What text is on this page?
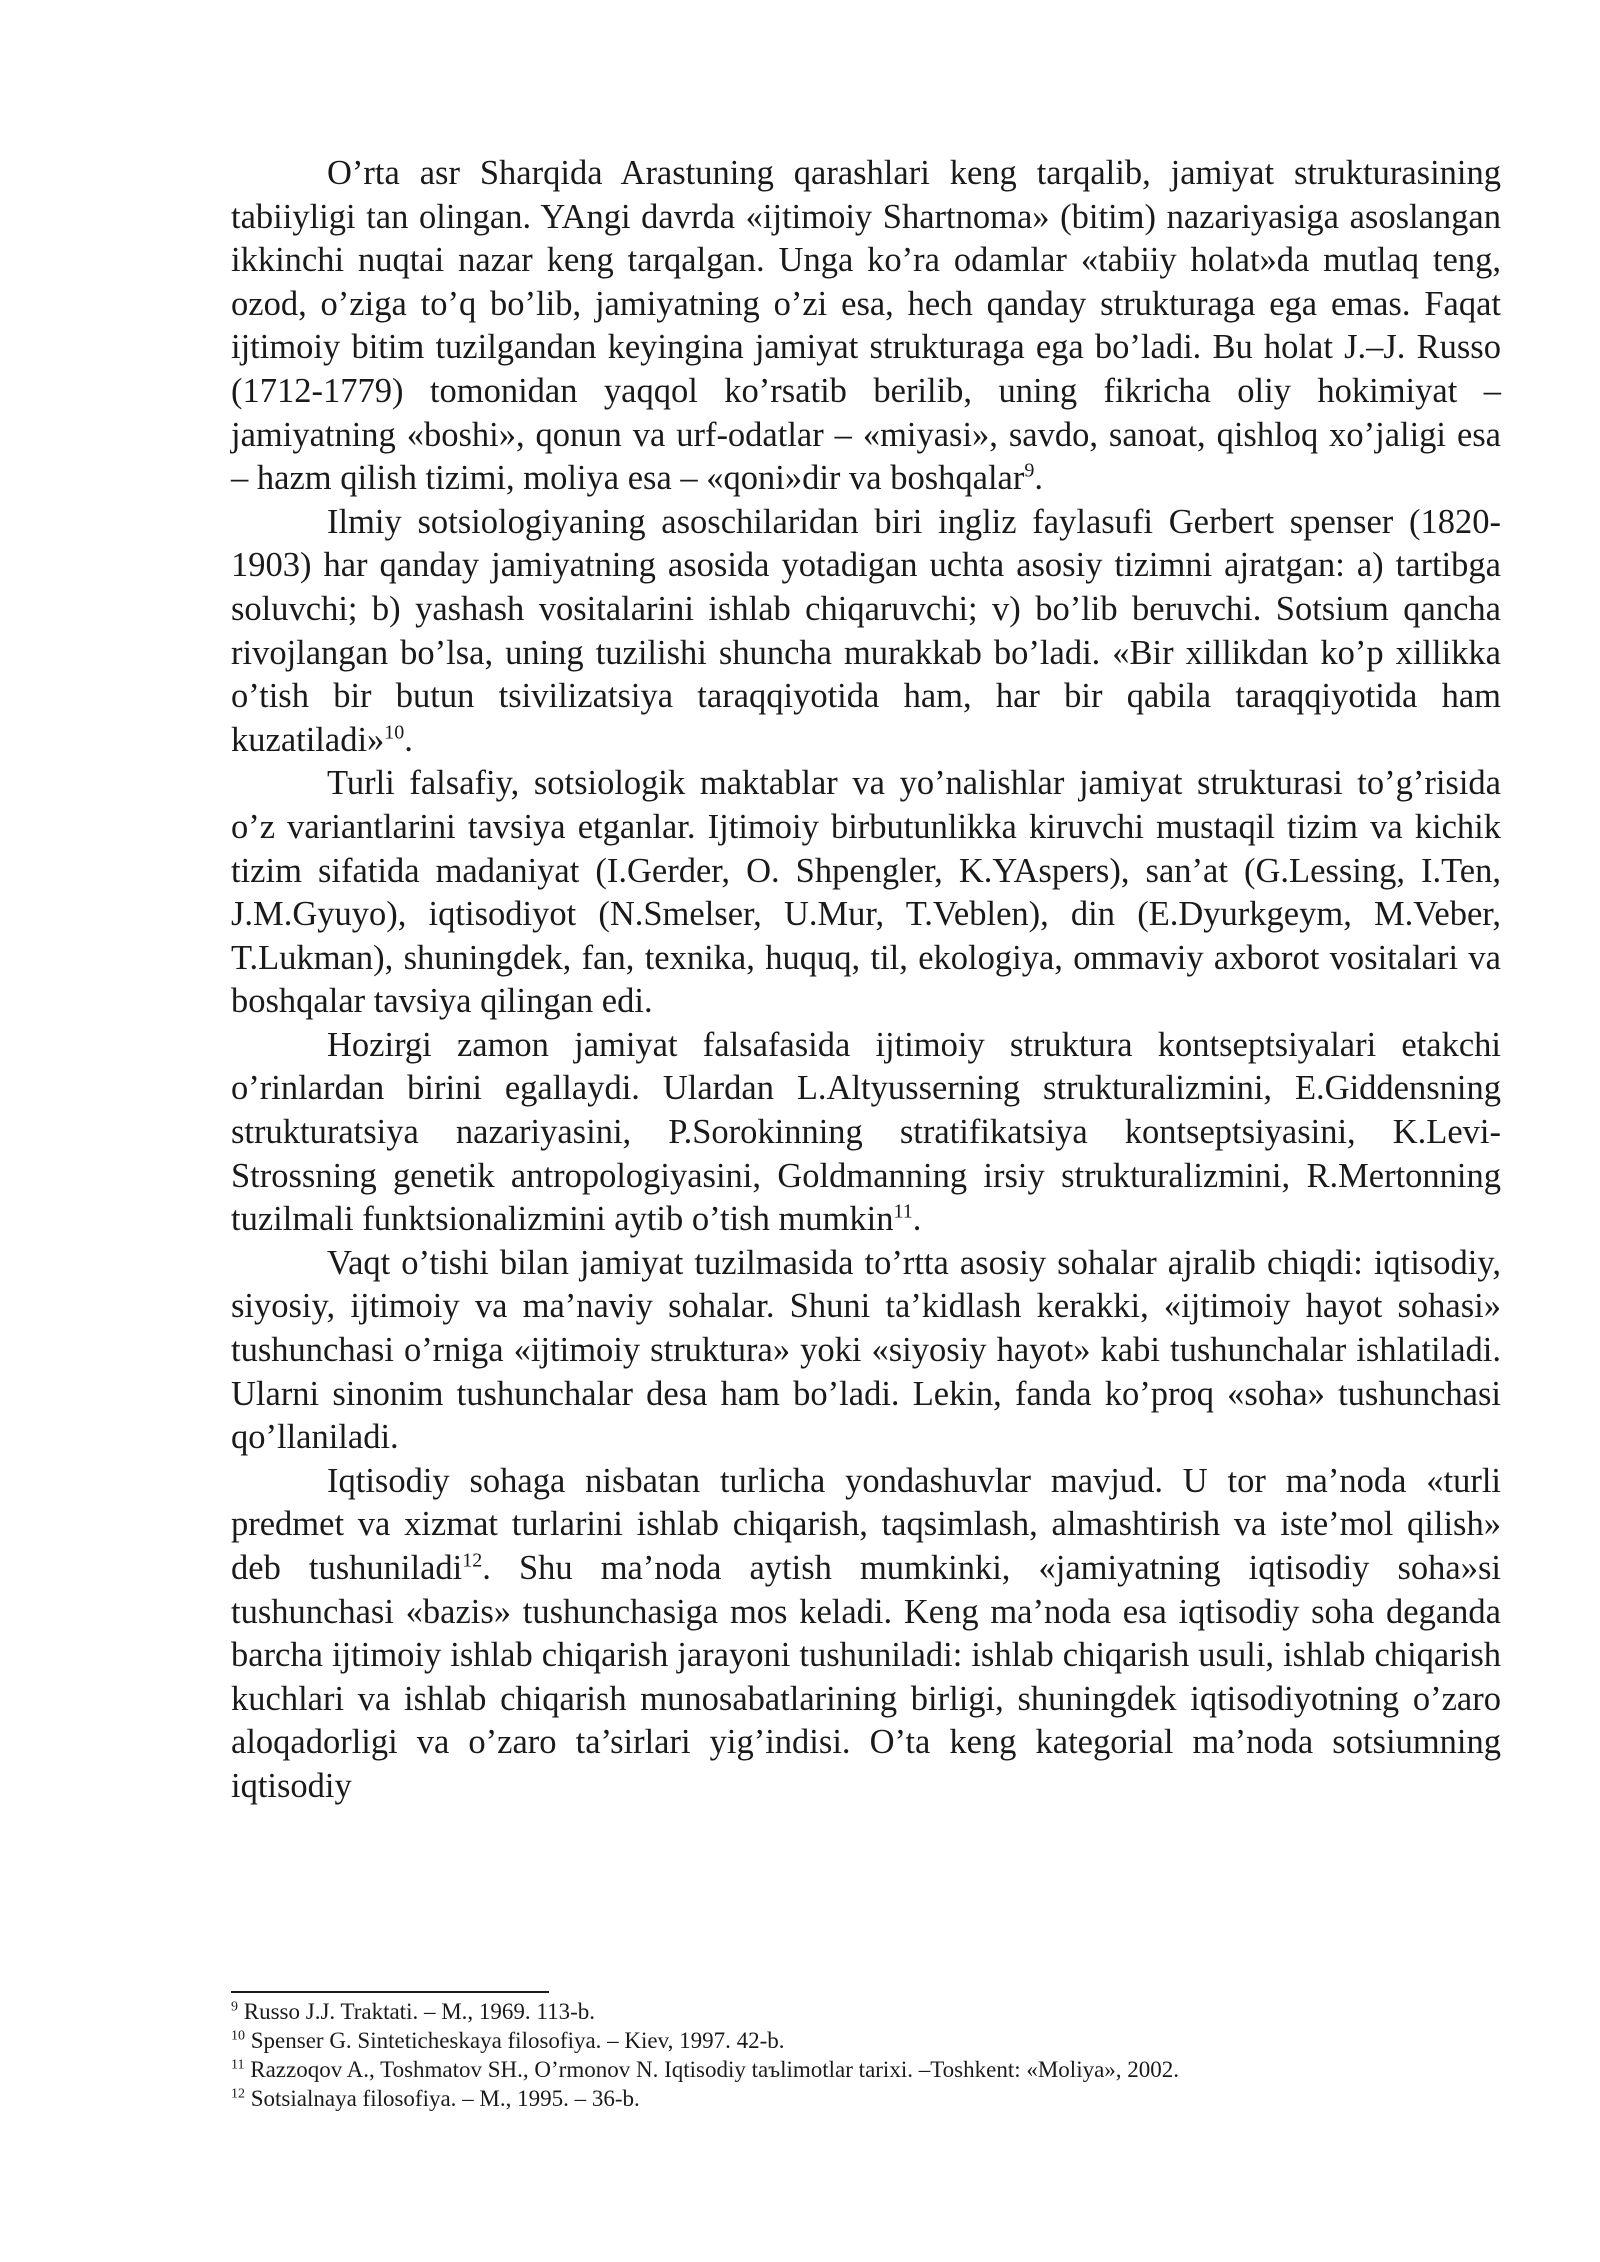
O’rta asr Sharqida Arastuning qarashlari keng tarqalib, jamiyat strukturasining tabiiyligi tan olingan. YAngi davrda «ijtimoiy Shartnoma» (bitim) nazariyasiga asoslangan ikkinchi nuqtai nazar keng tarqalgan. Unga ko’ra odamlar «tabiiy holat»da mutlaq teng, ozod, o’ziga to’q bo’lib, jamiyatning o’zi esa, hech qanday strukturaga ega emas. Faqat ijtimoiy bitim tuzilgandan keyingina jamiyat strukturaga ega bo’ladi. Bu holat J.–J. Russo (1712-1779) tomonidan yaqqol ko’rsatib berilib, uning fikricha oliy hokimiyat – jamiyatning «boshi», qonun va urf-odatlar – «miyasi», savdo, sanoat, qishloq xo’jaligi esa – hazm qilish tizimi, moliya esa – «qoni»dir va boshqalar$^9$.

Ilmiy sotsiologiyaning asoschilaridan biri ingliz faylasufi Gerbert spenser (1820-1903) har qanday jamiyatning asosida yotadigan uchta asosiy tizimni ajratgan: a) tartibga soluvchi; b) yashash vositalarini ishlab chiqaruvchi; v) bo’lib beruvchi. Sotsium qancha rivojlangan bo’lsa, uning tuzilishi shuncha murakkab bo’ladi. «Bir xillikdan ko’p xillikka o’tish bir butun tsivilizatsiya taraqqiyotida ham, har bir qabila taraqqiyotida ham kuzatiladi»$^{10}$.

Turli falsafiy, sotsiologik maktablar va yo’nalishlar jamiyat strukturasi to’g’risida o’z variantlarini tavsiya etganlar. Ijtimoiy birbutunlikka kiruvchi mustaqil tizim va kichik tizim sifatida madaniyat (I.Gerder, O. Shpengler, K.YAspers), san’at (G.Lessing, I.Ten, J.M.Gyuyo), iqtisodiyot (N.Smelser, U.Mur, T.Veblen), din (E.Dyurkgeym, M.Veber, T.Lukman), shuningdek, fan, texnika, huquq, til, ekologiya, ommaviy axborot vositalari va boshqalar tavsiya qilingan edi.

Hozirgi zamon jamiyat falsafasida ijtimoiy struktura kontseptsiyalari etakchi o’rinlardan birini egallaydi. Ulardan L.Altyusserning strukturalizmini, E.Giddensning strukturatsiya nazariyasini, P.Sorokinning stratifikatsiya kontseptsiyasini, K.Levi-Strossning genetik antropologiyasini, Goldmanning irsiy strukturalizmini, R.Mertonning tuzilmali funktsionalizmini aytib o’tish mumkin$^{11}$.

Vaqt o’tishi bilan jamiyat tuzilmasida to’rtta asosiy sohalar ajralib chiqdi: iqtisodiy, siyosiy, ijtimoiy va ma’naviy sohalar. Shuni ta’kidlash kerakki, «ijtimoiy hayot sohasi» tushunchasi o’rniga «ijtimoiy struktura» yoki «siyosiy hayot» kabi tushunchalar ishlatiladi. Ularni sinonim tushunchalar desa ham bo’ladi. Lekin, fanda ko’proq «soha» tushunchasi qo’llaniladi.

Iqtisodiy sohaga nisbatan turlicha yondashuvlar mavjud. U tor ma’noda «turli predmet va xizmat turlarini ishlab chiqarish, taqsimlash, almashtirish va iste’mol qilish» deb tushuniladi$^{12}$. Shu ma’noda aytish mumkinki, «jamiyatning iqtisodiy soha»si tushunchasi «bazis» tushunchasiga mos keladi. Keng ma’noda esa iqtisodiy soha deganda barcha ijtimoiy ishlab chiqarish jarayoni tushuniladi: ishlab chiqarish usuli, ishlab chiqarish kuchlari va ishlab chiqarish munosabatlarining birligi, shuningdek iqtisodiyotning o’zaro aloqadorligi va o’zaro ta’sirlari yig’indisi. O’ta keng kategorial ma’noda sotsiumning iqtisodiy

$^9$ Russo J.J. Traktati. – M., 1969. 113-b.
$^{10}$ Spenser G. Sinteticheskaya filosofiya. – Kiev, 1997. 42-b.
$^{11}$ Razzoqov A., Toshmatov SH., O’rmonov N. Iqtisodiy taъlimotlar tarixi. –Toshkent: «Moliya», 2002.
$^{12}$ Sotsialnaya filosofiya. – M., 1995. – 36-b.
